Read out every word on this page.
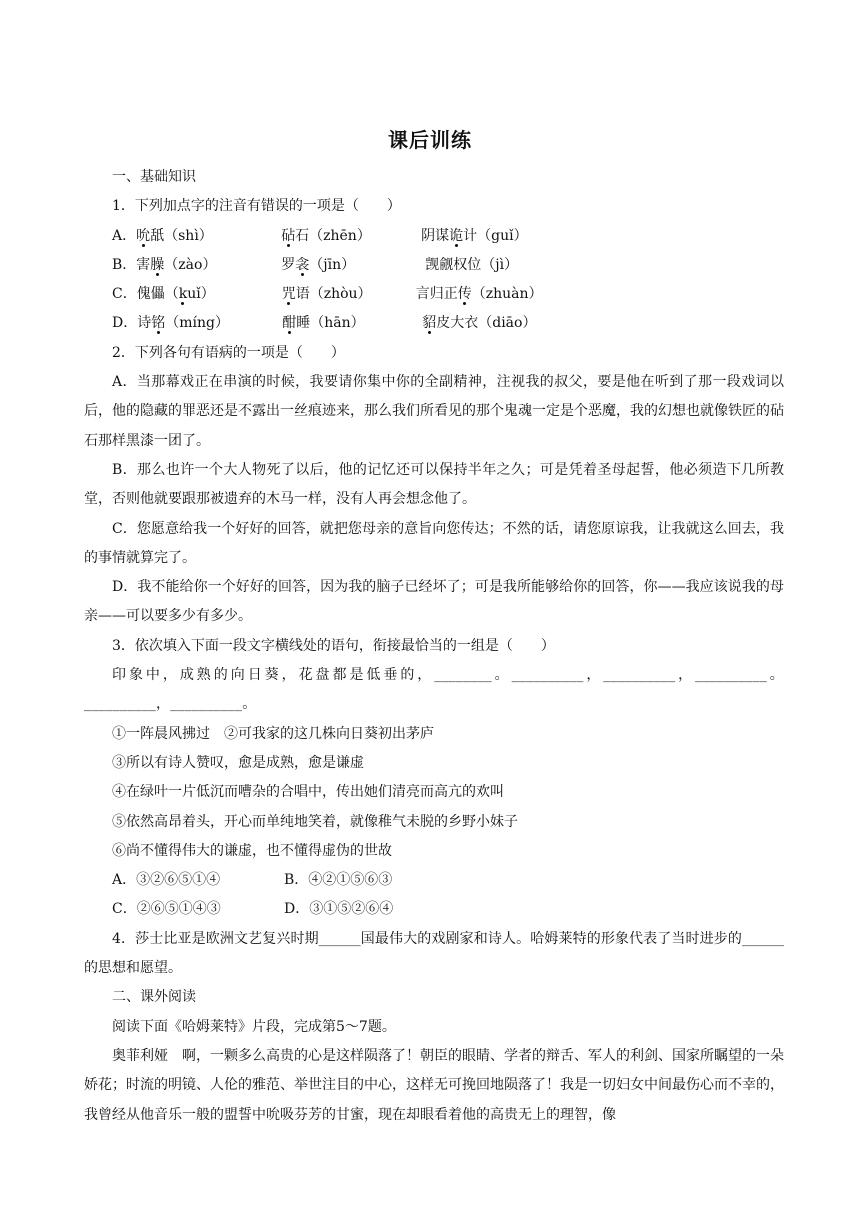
课后训练
一、基础知识
1．下列加点字的注音有错误的一项是（　　）
A． 吮舐（shì）	砧石（zhēn）	阴谋诡计（guǐ）
B． 害臊（zào）	罗衾（jīn）	觊觎权位（jì）
C． 傀儡（kuǐ）	咒语（zhòu）	言归正传（zhuàn）
D． 诗铭（míng）	酣睡（hān）	貂皮大衣（diāo）
2．下列各句有语病的一项是（　　）
A．当那幕戏正在串演的时候，我要请你集中你的全副精神，注视我的叔父，要是他在听到了那一段戏词以后，他的隐藏的罪恶还是不露出一丝痕迹来，那么我们所看见的那个鬼魂一定是个恶魔，我的幻想也就像铁匠的砧石那样黑漆一团了。
B．那么也许一个大人物死了以后，他的记忆还可以保持半年之久；可是凭着圣母起誓，他必须造下几所教堂，否则他就要跟那被遗弃的木马一样，没有人再会想念他了。
C．您愿意给我一个好好的回答，就把您母亲的意旨向您传达；不然的话，请您原谅我，让我就这么回去，我的事情就算完了。
D．我不能给你一个好好的回答，因为我的脑子已经坏了；可是我所能够给你的回答，你——我应该说我的母亲——可以要多少有多少。
3．依次填入下面一段文字横线处的语句，衔接最恰当的一组是（　　）
印象中，成熟的向日葵，花盘都是低垂的，________。__________，__________，__________。__________，__________。
①一阵晨风拂过　②可我家的这几株向日葵初出茅庐
③所以有诗人赞叹，愈是成熟，愈是谦虚
④在绿叶一片低沉而嘈杂的合唱中，传出她们清亮而高亢的欢叫
⑤依然高昂着头，开心而单纯地笑着，就像稚气未脱的乡野小妹子
⑥尚不懂得伟大的谦虚，也不懂得虚伪的世故
A．③②⑥⑤①④	B．④②①⑤⑥③
C．②⑥⑤①④③	D．③①⑤②⑥④
4．莎士比亚是欧洲文艺复兴时期______国最伟大的戏剧家和诗人。哈姆莱特的形象代表了当时进步的______的思想和愿望。
二、课外阅读
阅读下面《哈姆莱特》片段，完成第5～7题。
奥菲利娅　啊，一颗多么高贵的心是这样陨落了！朝臣的眼睛、学者的辩舌、军人的利剑、国家所瞩望的一朵娇花；时流的明镜、人伦的雅范、举世注目的中心，这样无可挽回地陨落了！我是一切妇女中间最伤心而不幸的，我曾经从他音乐一般的盟誓中吮吸芬芳的甘蜜，现在却眼看着他的高贵无上的理智，像
